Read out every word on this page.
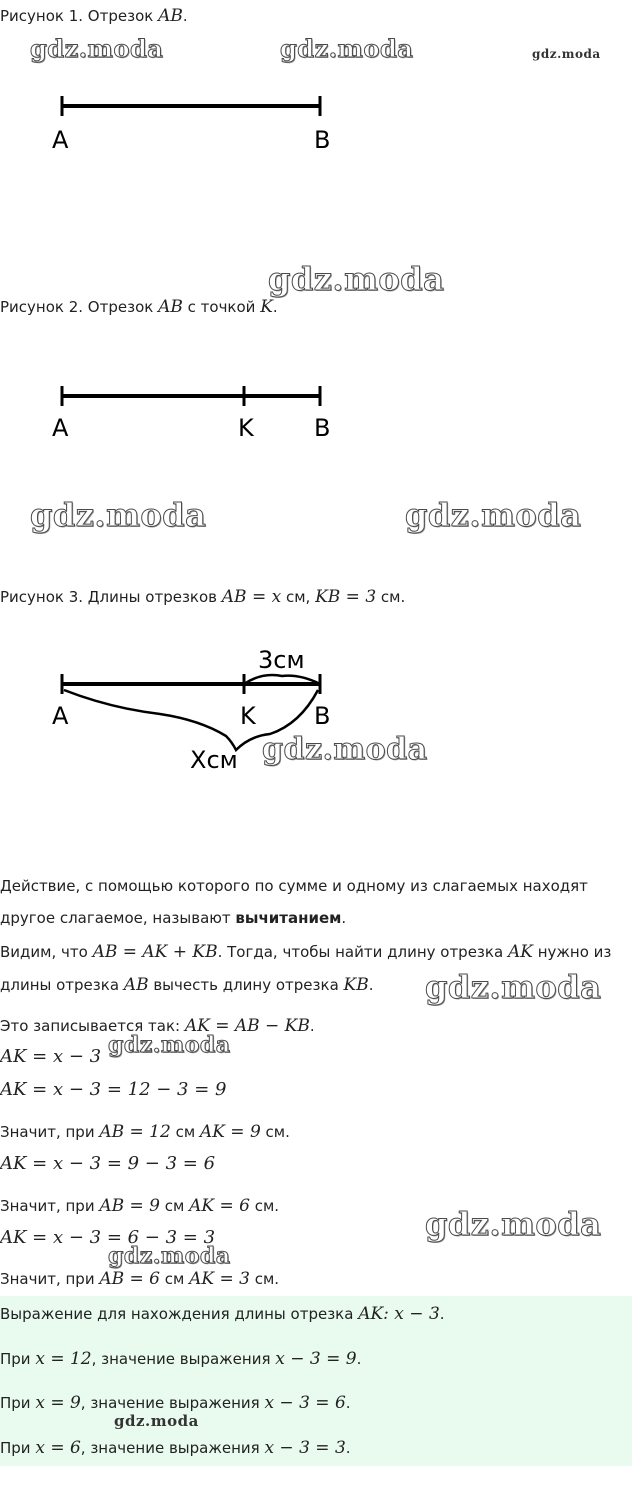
Рисунок 1. Отрезок AB.
A	B
Рисунок 2. Отрезок AB с точкой K.
A	K	B
Рисунок 3. Длины отрезков AB = x см, KB = 3 см.
3см
A	K B
Хсм
Действие, с помощью которого по сумме и одному из слагаемых находят
другое слагаемое, называют вычитанием.
Видим, что AB = AK + KB. Тогда, чтобы найти длину отрезка AK нужно из
длины отрезка AB вычесть длину отрезка KB.
Это записывается так: AK = AB − KB.
AK = x − 3
AK = x − 3 = 12 − 3 = 9
Значит, при AB = 12 см AK = 9 см.
AK = x − 3 = 9 − 3 = 6
Значит, при AB = 9 см AK = 6 см.
AK = x − 3 = 6 − 3 = 3
Значит, при AB = 6 см AK = 3 см.
Выражение для нахождения длины отрезка AK: x − 3.
При x = 12, значение выражения x − 3 = 9.
При x = 9, значение выражения x − 3 = 6.
При x = 6, значение выражения x − 3 = 3.
gdz.moda	gdz.moda	gdz.moda
gdz.moda
gdz.moda	gdz.moda
gdz.moda
gdz.moda
gdz.moda
gdz.moda
gdz.moda
gdz.moda
